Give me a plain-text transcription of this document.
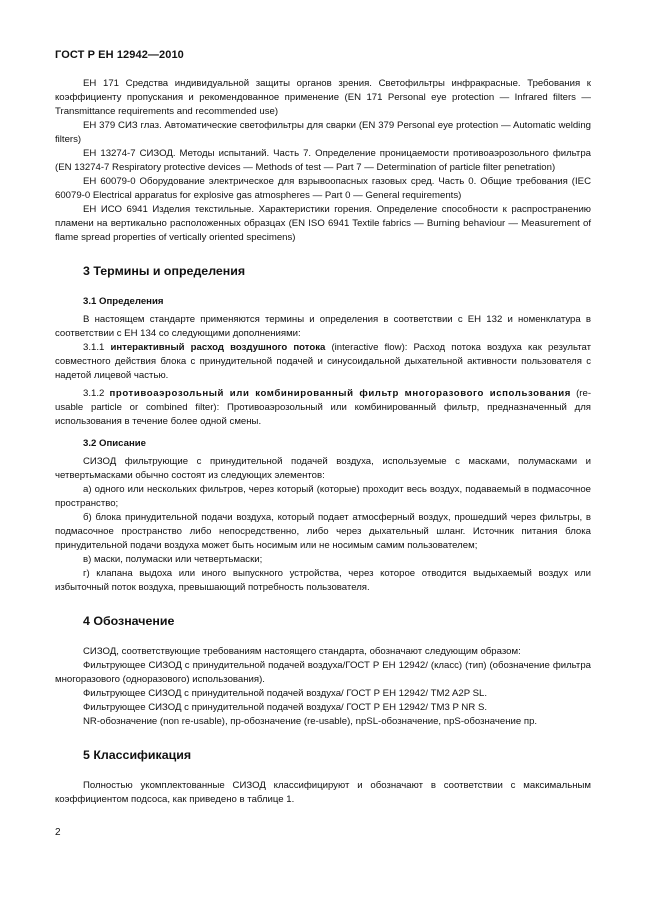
ГОСТ Р ЕН 12942—2010

ЕН 171 Средства индивидуальной защиты органов зрения. Светофильтры инфракрасные. Требования к коэффициенту пропускания и рекомендованное применение (EN 171 Personal eye protection — Infrared filters — Transmittance requirements and recommended use)

ЕН 379 СИЗ глаз. Автоматические светофильтры для сварки (EN 379 Personal eye protection — Automatic welding filters)

ЕН 13274-7 СИЗОД. Методы испытаний. Часть 7. Определение проницаемости противоаэрозольного фильтра (EN 13274-7 Respiratory protective devices — Methods of test — Part 7 — Determination of particle filter penetration)

ЕН 60079-0 Оборудование электрическое для взрывоопасных газовых сред. Часть 0. Общие требования (IEC 60079-0 Electrical apparatus for explosive gas atmospheres — Part 0 — General requirements)

ЕН ИСО 6941 Изделия текстильные. Характеристики горения. Определение способности к распространению пламени на вертикально расположенных образцах (EN ISO 6941 Textile fabrics — Burning behaviour — Measurement of flame spread properties of vertically oriented specimens)

3 Термины и определения
3.1 Определения

В настоящем стандарте применяются термины и определения в соответствии с ЕН 132 и номенклатура в соответствии с ЕН 134 со следующими дополнениями:

3.1.1 интерактивный расход воздушного потока (interactive flow): Расход потока воздуха как результат совместного действия блока с принудительной подачей и синусоидальной дыхательной активности пользователя с надетой лицевой частью.

3.1.2 противоаэрозольный или комбинированный фильтр многоразового использования (re-usable particle or combined filter): Противоаэрозольный или комбинированный фильтр, предназначенный для использования в течение более одной смены.

3.2 Описание

СИЗОД фильтрующие с принудительной подачей воздуха, используемые с масками, полумасками и четвертьмасками обычно состоят из следующих элементов:

а) одного или нескольких фильтров, через который (которые) проходит весь воздух, подаваемый в подмасочное пространство;

б) блока принудительной подачи воздуха, который подает атмосферный воздух, прошедший через фильтры, в подмасочное пространство либо непосредственно, либо через дыхательный шланг. Источник питания блока принудительной подачи воздуха может быть носимым или не носимым самим пользователем;

в) маски, полумаски или четвертьмаски;

г) клапана выдоха или иного выпускного устройства, через которое отводится выдыхаемый воздух или избыточный поток воздуха, превышающий потребность пользователя.

4 Обозначение

СИЗОД, соответствующие требованиям настоящего стандарта, обозначают следующим образом:

Фильтрующее СИЗОД с принудительной подачей воздуха/ГОСТ Р ЕН 12942/ (класс) (тип) (обозначение фильтра многоразового (одноразового) использования).

Фильтрующее СИЗОД с принудительной подачей воздуха/ ГОСТ Р ЕН 12942/ TM2 A2P SL.

Фильтрующее СИЗОД с принудительной подачей воздуха/ ГОСТ Р ЕН 12942/ TM3 P NR S.

NR-обозначение (non re-usable), пр-обозначение (re-usable), npSL-обозначение, npS-обозначение пр.

5 Классификация

Полностью укомплектованные СИЗОД классифицируют и обозначают в соответствии с максимальным коэффициентом подсоса, как приведено в таблице 1.

2
